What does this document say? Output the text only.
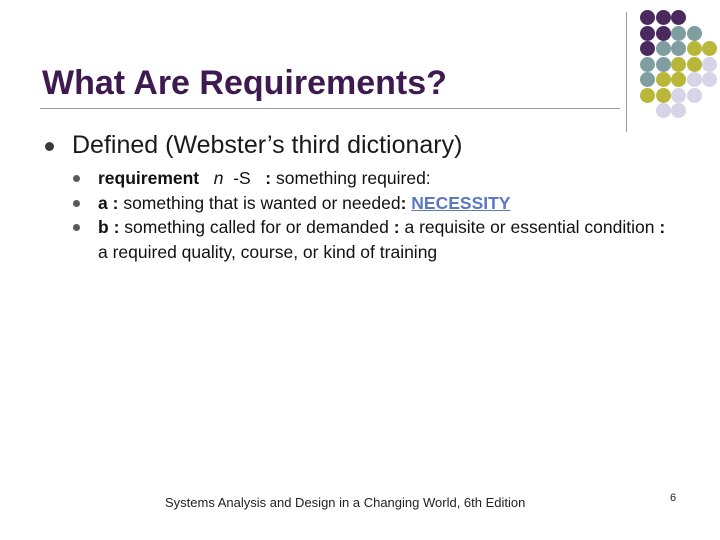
What Are Requirements?
Defined (Webster’s third dictionary)
requirement n -S : something required:
a : something that is wanted or needed: NECESSITY
b : something called for or demanded : a requisite or essential condition : a required quality, course, or kind of training
Systems Analysis and Design in a Changing World, 6th Edition	6
